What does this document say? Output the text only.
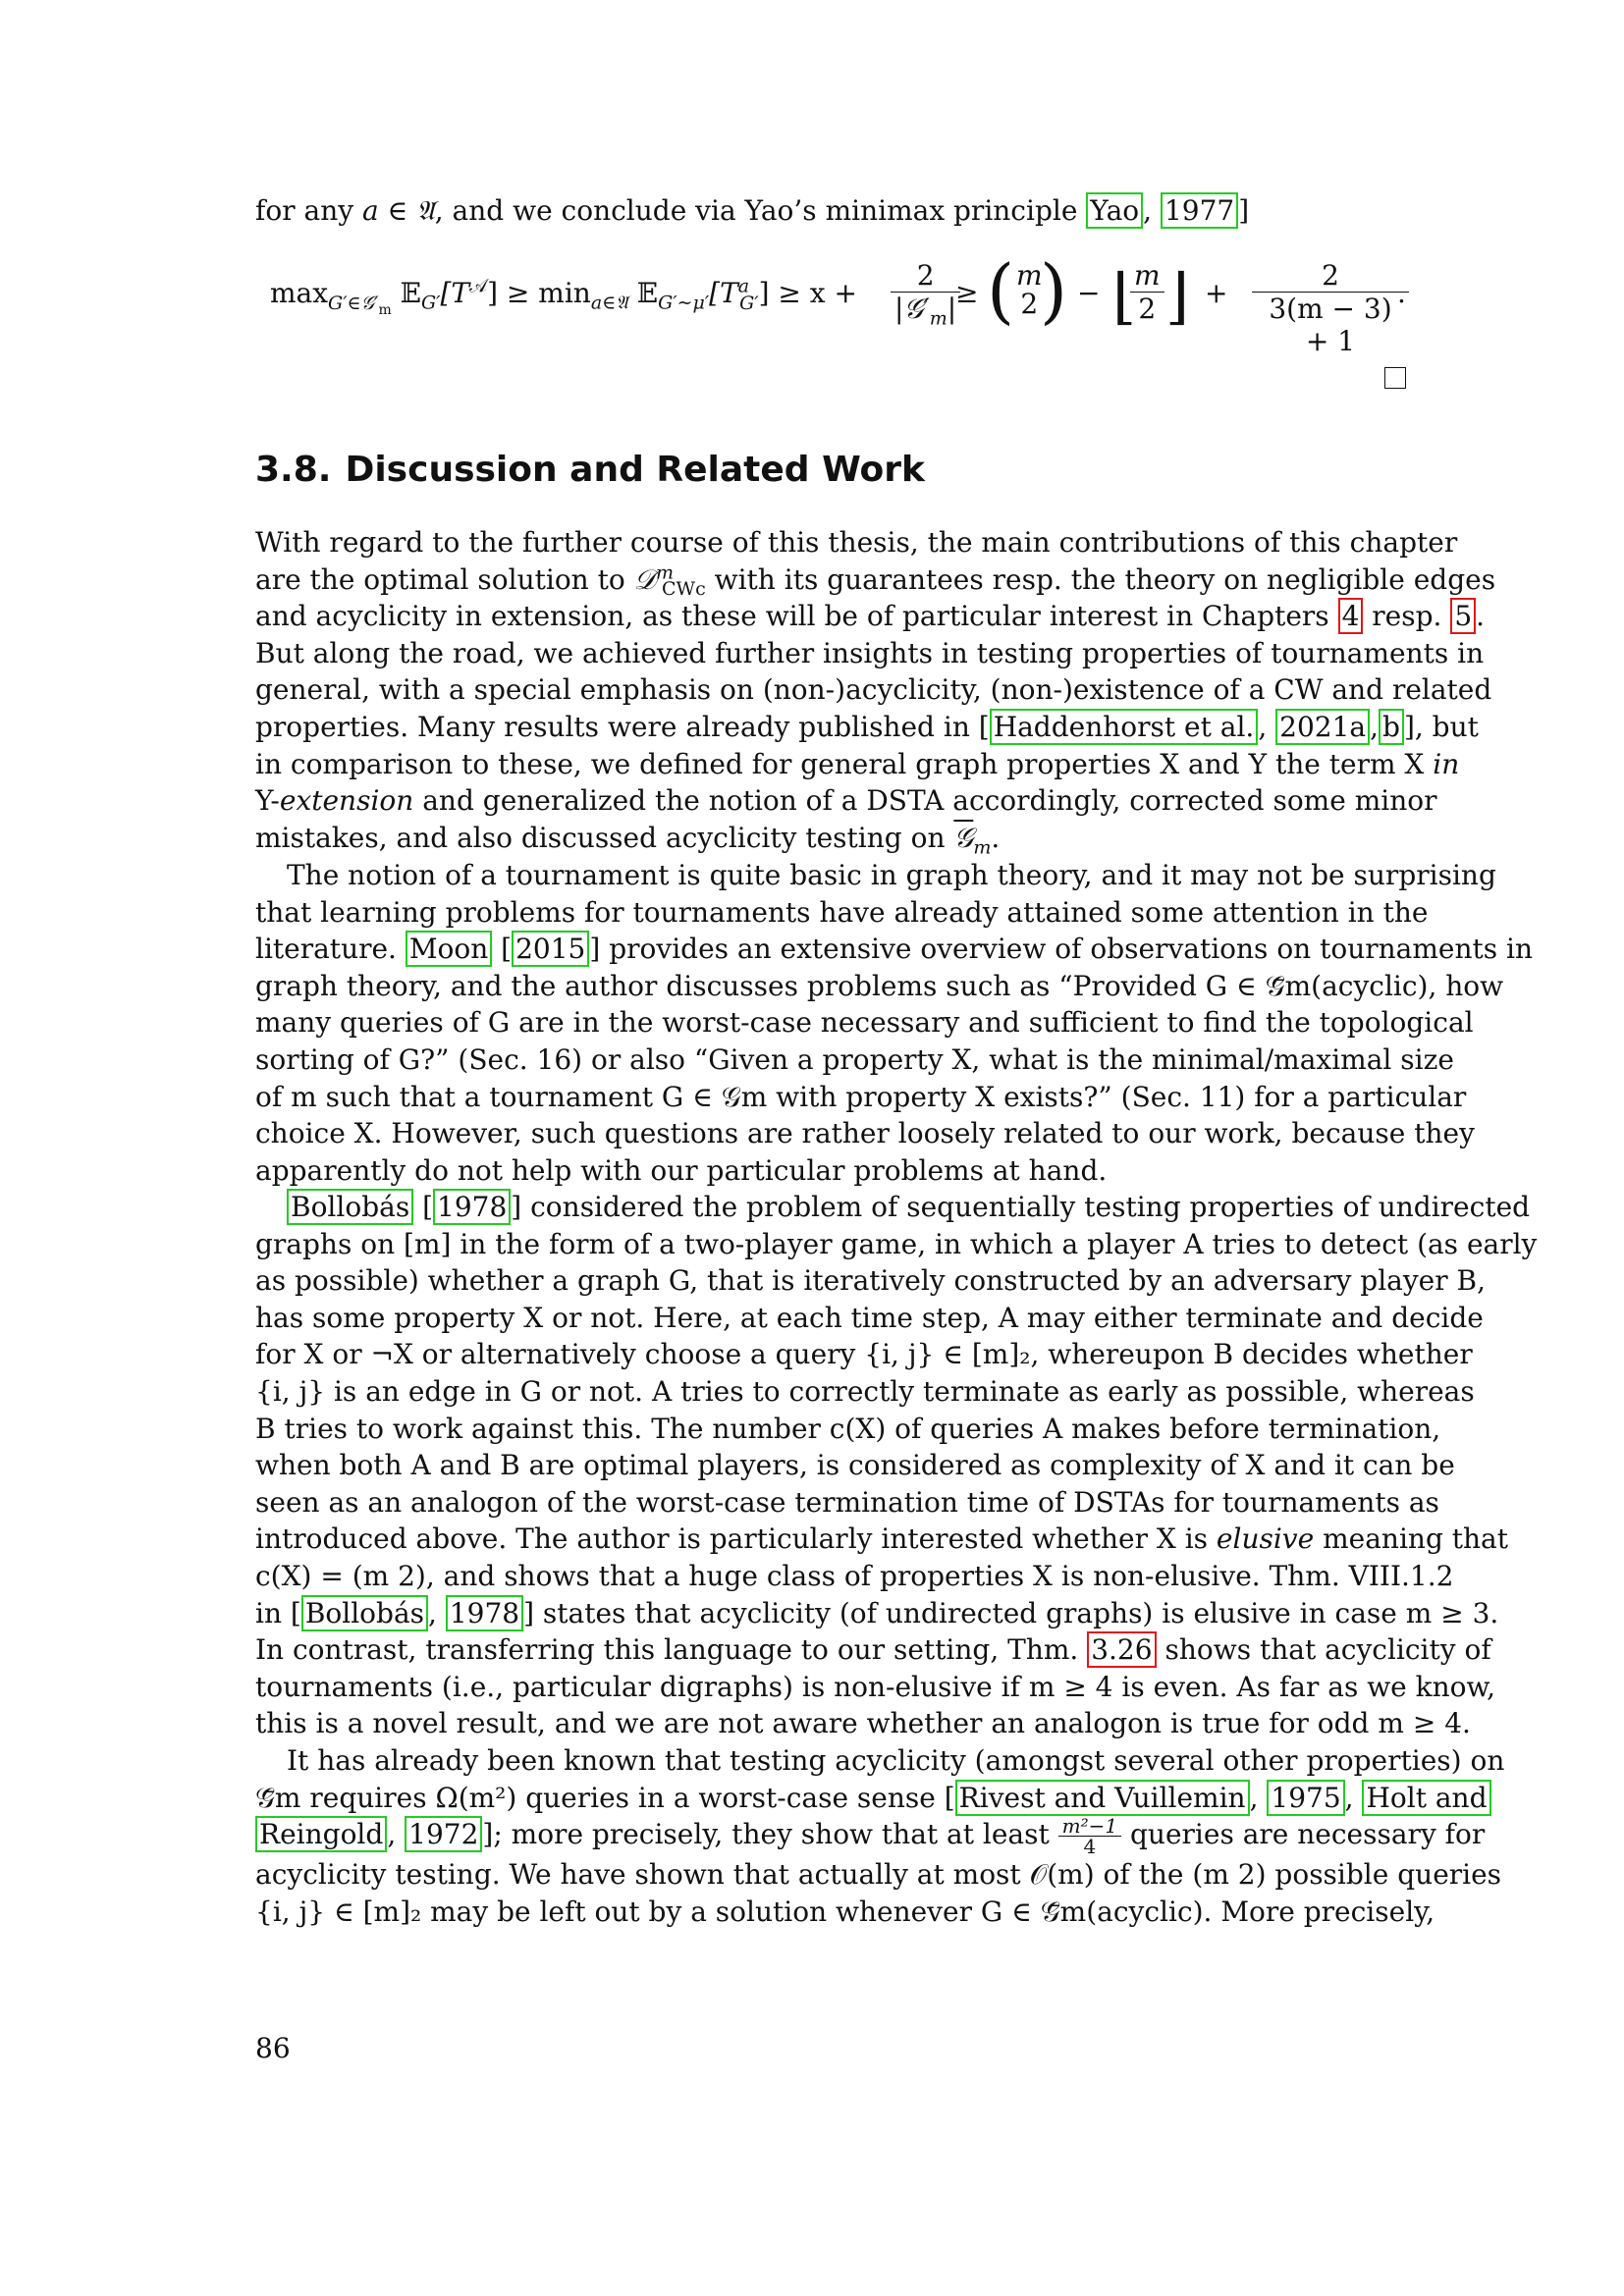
for any a ∈ 𝔄, and we conclude via Yao’s minimax principle Yao , 1977 ]
$\max_{G'\in 𝒢'_m}$ $𝔼_{G'}[T^𝒜] \ge \min_{a\in 𝔄}$ $𝔼_{G'\sim\mu'}[T^a_{G'}] \ge x$ +
2
$|𝒢'_m|$
≥ ( m
2 ) − ⌊
$\frac{m}{2}$ ⌋ + $\frac{2}{3(m - 3) + 1}$
.
3.8. Discussion and Related Work
With regard to the further course of this thesis, the main contributions of this chapter
are the optimal solution to 𝒟$^m_{CWc}$ with its guarantees resp. the theory on negligible edges
and acyclicity in extension, as these will be of particular interest in Chapters 4 resp. 5 .
But along the road, we achieved further insights in testing properties of tournaments in
general, with a special emphasis on (non-)acyclicity, (non-)existence of a CW and related
properties. Many results were already published in [ Haddenhorst et al. , 2021a , b ], but
in comparison to these, we defined for general graph properties X and Y the term X in
Y-extension and generalized the notion of a DSTA accordingly, corrected some minor
mistakes, and also discussed acyclicity testing on 𝒢$_m$.
The notion of a tournament is quite basic in graph theory, and it may not be surprising
that learning problems for tournaments have already attained some attention in the
literature. Moon [ 2015 ] provides an extensive overview of observations on tournaments in
graph theory, and the author discusses problems such as “Provided G ∈ 𝒢̄m(acyclic), how
many queries of G are in the worst-case necessary and sufficient to find the topological
sorting of G?” (Sec. 16) or also “Given a property X, what is the minimal/maximal size
of m such that a tournament G ∈ 𝒢m with property X exists?” (Sec. 11) for a particular
choice X. However, such questions are rather loosely related to our work, because they
apparently do not help with our particular problems at hand.
Bollobás [ 1978 ] considered the problem of sequentially testing properties of undirected
graphs on [m] in the form of a two-player game, in which a player A tries to detect (as early
as possible) whether a graph G, that is iteratively constructed by an adversary player B,
has some property X or not. Here, at each time step, A may either terminate and decide
for X or ¬X or alternatively choose a query {i, j} ∈ [m]₂, whereupon B decides whether
{i, j} is an edge in G or not. A tries to correctly terminate as early as possible, whereas
B tries to work against this. The number c(X) of queries A makes before termination,
when both A and B are optimal players, is considered as complexity of X and it can be
seen as an analogon of the worst-case termination time of DSTAs for tournaments as
introduced above. The author is particularly interested whether X is elusive meaning that
c(X) = (m 2), and shows that a huge class of properties X is non-elusive. Thm. VIII.1.2
in [ Bollobás , 1978 ] states that acyclicity (of undirected graphs) is elusive in case m ≥ 3.
In contrast, transferring this language to our setting, Thm. 3.26 shows that acyclicity of
tournaments (i.e., particular digraphs) is non-elusive if m ≥ 4 is even. As far as we know,
this is a novel result, and we are not aware whether an analogon is true for odd m ≥ 4.
It has already been known that testing acyclicity (amongst several other properties) on
𝒢̄m requires Ω(m²) queries in a worst-case sense [ Rivest and Vuillemin , 1975 , Holt and
Reingold , 1972 ]; more precisely, they show that at least $\frac{\text{m²−1}}{4}$ queries are necessary for
acyclicity testing. We have shown that actually at most 𝒪(m) of the (m 2) possible queries
{i, j} ∈ [m]₂ may be left out by a solution whenever G ∈ 𝒢̄m(acyclic). More precisely,
86
